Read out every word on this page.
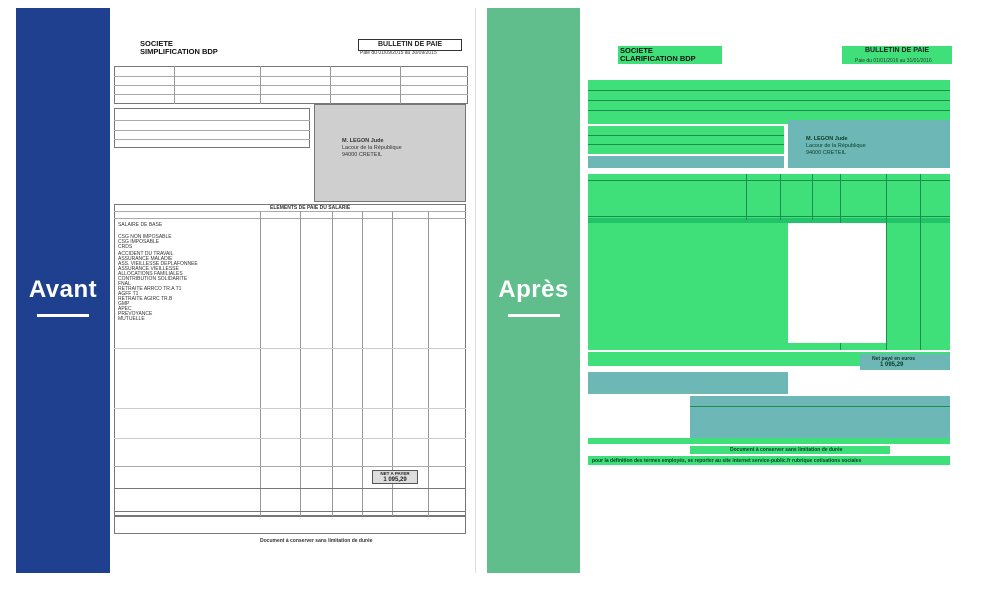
Avant
SOCIETE
SIMPLIFICATION BDP
BULLETIN DE PAIE
Paie du 01/09/2015 au 30/09/2015
M. LEGON Jude
Lacour de la République
94000 CRETEIL
ELEMENTS DE PAIE DU SALARIÉ
SALAIRE DE BASE
CSG NON IMPOSABLE
CSG IMPOSABLE
CRDS
ACCIDENT DU TRAVAIL
ASSURANCE MALADIE
ASS. VIEILLESSE DEPLAFONNEE
ASSURANCE VIEILLESSE
ALLOCATIONS FAMILIALES
CONTRIBUTION SOLIDARITE
FNAL
RETRAITE ARRCO TR.A T1
AGFF T1
RETRAITE AGIRC TR.B
GMP
APEC
PREVOYANCE
MUTUELLE
NET A PAYER
1 095,29
Document à conserver sans limitation de durée
Après
SOCIETE
CLARIFICATION BDP
BULLETIN DE PAIE
Paie du 01/01/2016 au 31/01/2016
M. LEGON Jude
Lacour de la République
94000 CRETEIL
Net payé en euros
1 095,29
Document à conserver sans limitation de durée
pour la définition des termes employés, se reporter au site internet service-public.fr rubrique cotisations sociales
